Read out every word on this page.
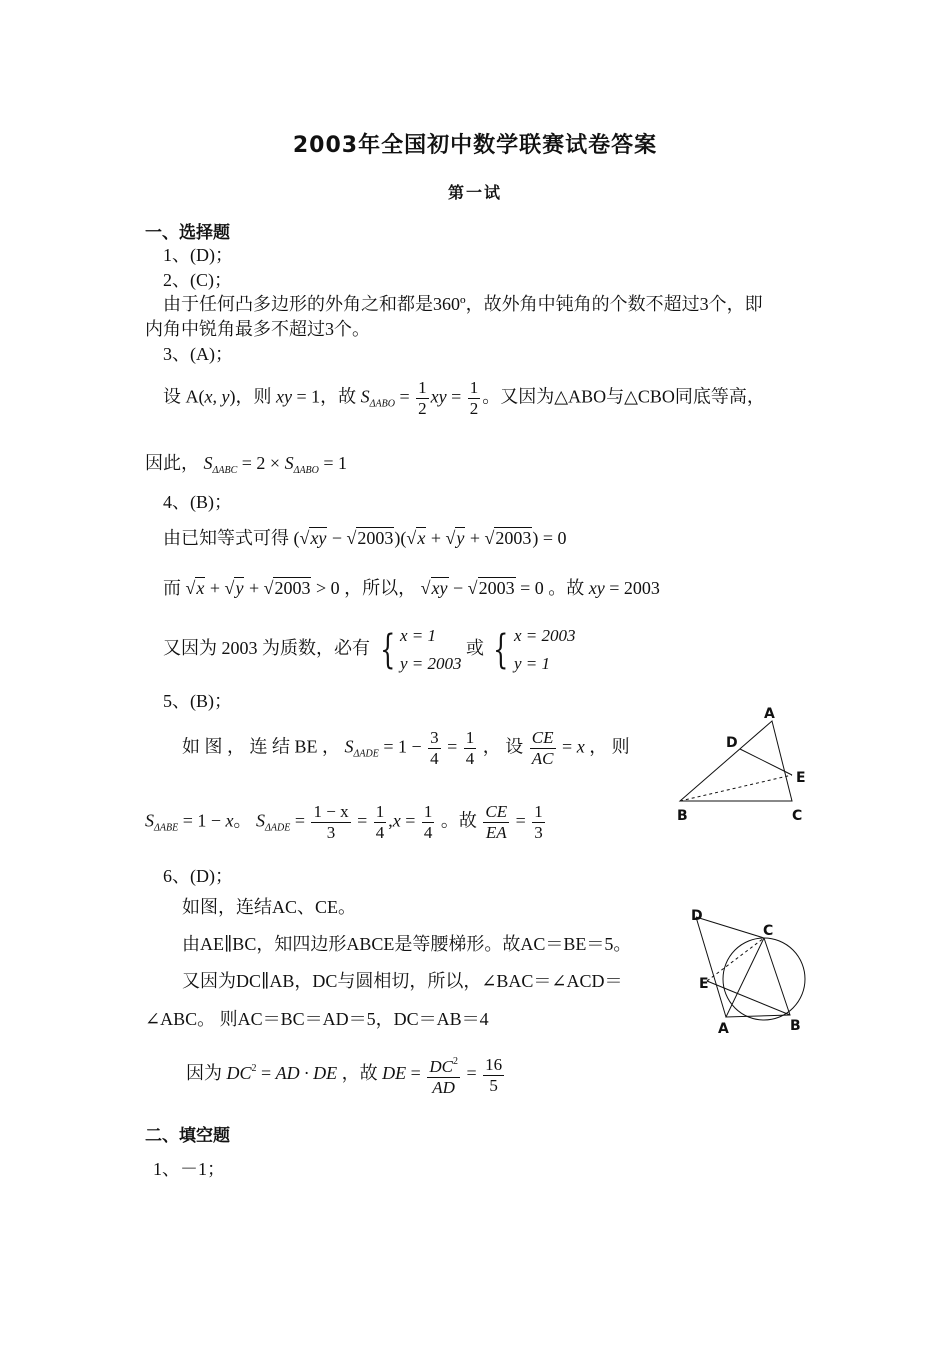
2003年全国初中数学联赛试卷答案
第一试
一、选择题
1、(D)；
2、(C)；
由于任何凸多边形的外角之和都是360º，故外角中钝角的个数不超过3个，即
内角中锐角最多不超过3个。
3、(A)；
设 A(x, y)，则 xy = 1，故 $S_{\Delta ABO} = \frac{1}{2}$ xy = $\frac{1}{2}$ 。又因为△ABO与△CBO同底等高，
因此， $S_{\Delta ABC} = 2 \times S_{\Delta ABO} = 1$
4、(B)；
由已知等式可得 (√xy − √2003)(√x + √y + √2003) = 0
而 √x + √y + √2003 > 0 ，所以， √xy − √2003 = 0 。故 xy = 2003
又因为 2003 为质数，必有 { x = 1
y = 2003
或 { x = 2003
y = 1
5、(B)；
如 图 ， 连 结 BE ， $S_{\Delta ADE} = 1 - \frac{3}{4} = \frac{1}{4}$ ， 设 $\frac{CE}{AC} = x$ ， 则
$S_{\Delta ABE} = 1 - x$。 $S_{\Delta ADE} = \frac{1 - x}{3} = \frac{1}{4} ,x = \frac{1}{4}$ 。故 $\frac{CE}{EA} = \frac{1}{3}$
A
D
E
B	C
6、(D)；
如图，连结AC、CE。
由AE∥BC，知四边形ABCE是等腰梯形。故AC＝BE＝5。
又因为DC∥AB，DC与圆相切，所以，∠BAC＝∠ACD＝
∠ABC。 则AC＝BC＝AD＝5，DC＝AB＝4
因为 $DC^2$ = AD · DE ，故 DE = $\frac{DC^2}{AD} = \frac{16}{5}$
D
C
E
A	B
二、填空题
1、－1；
